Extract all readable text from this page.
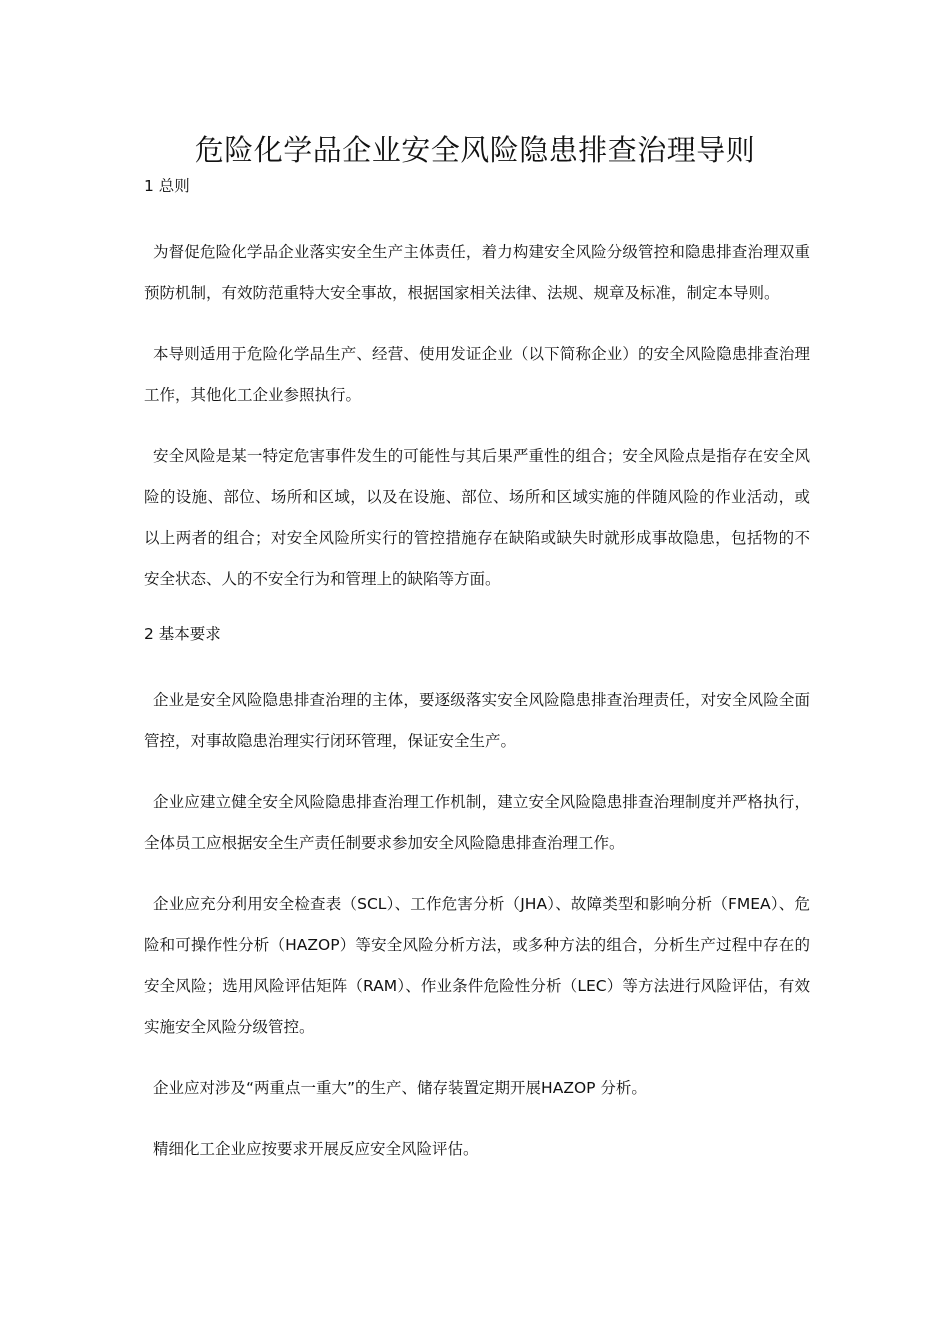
危险化学品企业安全风险隐患排查治理导则
1 总则

为督促危险化学品企业落实安全生产主体责任，着力构建安全风险分级管控和隐患排查治理双重预防机制，有效防范重特大安全事故，根据国家相关法律、法规、规章及标准，制定本导则。

本导则适用于危险化学品生产、经营、使用发证企业（以下简称企业）的安全风险隐患排查治理工作，其他化工企业参照执行。

安全风险是某一特定危害事件发生的可能性与其后果严重性的组合；安全风险点是指存在安全风险的设施、部位、场所和区域，以及在设施、部位、场所和区域实施的伴随风险的作业活动，或以上两者的组合；对安全风险所实行的管控措施存在缺陷或缺失时就形成事故隐患，包括物的不安全状态、人的不安全行为和管理上的缺陷等方面。

2 基本要求

企业是安全风险隐患排查治理的主体，要逐级落实安全风险隐患排查治理责任，对安全风险全面管控，对事故隐患治理实行闭环管理，保证安全生产。

企业应建立健全安全风险隐患排查治理工作机制，建立安全风险隐患排查治理制度并严格执行，全体员工应根据安全生产责任制要求参加安全风险隐患排查治理工作。

企业应充分利用安全检查表（SCL）、工作危害分析（JHA）、故障类型和影响分析（FMEA）、危险和可操作性分析（HAZOP）等安全风险分析方法，或多种方法的组合，分析生产过程中存在的安全风险；选用风险评估矩阵（RAM）、作业条件危险性分析（LEC）等方法进行风险评估，有效实施安全风险分级管控。

企业应对涉及“两重点一重大”的生产、储存装置定期开展HAZOP 分析。

精细化工企业应按要求开展反应安全风险评估。
